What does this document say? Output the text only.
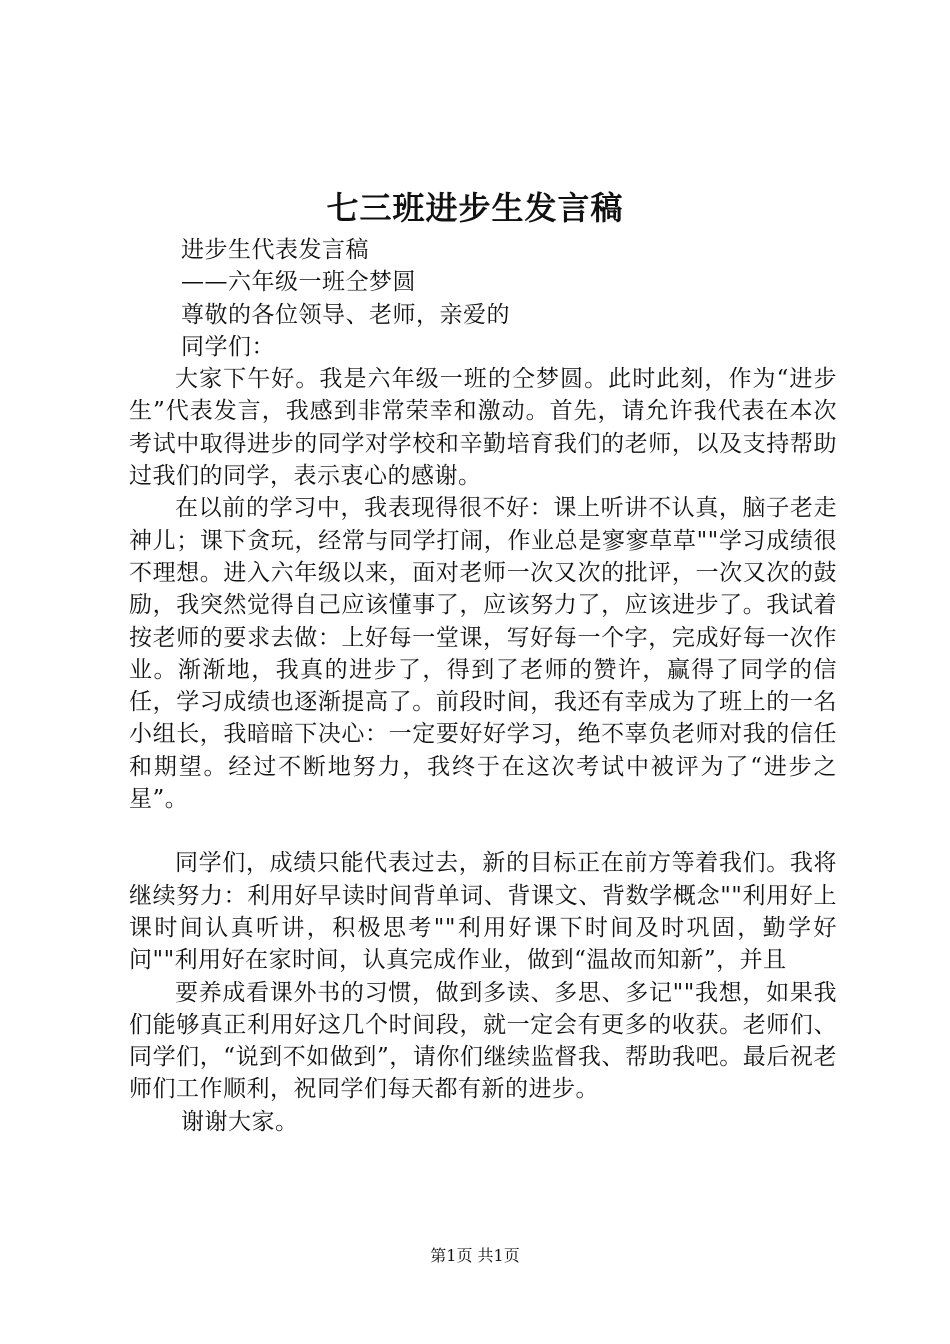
七三班进步生发言稿

进步生代表发言稿

——六年级一班仝梦圆

尊敬的各位领导、老师，亲爱的

同学们：

大家下午好。我是六年级一班的仝梦圆。此时此刻，作为“进步生”代表发言，我感到非常荣幸和激动。首先，请允许我代表在本次考试中取得进步的同学对学校和辛勤培育我们的老师，以及支持帮助过我们的同学，表示衷心的感谢。

在以前的学习中，我表现得很不好：课上听讲不认真，脑子老走神儿；课下贪玩，经常与同学打闹，作业总是寥寥草草""学习成绩很不理想。进入六年级以来，面对老师一次又次的批评，一次又次的鼓励，我突然觉得自己应该懂事了，应该努力了，应该进步了。我试着按老师的要求去做：上好每一堂课，写好每一个字，完成好每一次作业。渐渐地，我真的进步了，得到了老师的赞许，赢得了同学的信任，学习成绩也逐渐提高了。前段时间，我还有幸成为了班上的一名小组长，我暗暗下决心：一定要好好学习，绝不辜负老师对我的信任和期望。经过不断地努力，我终于在这次考试中被评为了“进步之星”。

同学们，成绩只能代表过去，新的目标正在前方等着我们。我将继续努力：利用好早读时间背单词、背课文、背数学概念""利用好上课时间认真听讲，积极思考""利用好课下时间及时巩固，勤学好问""利用好在家时间，认真完成作业，做到“温故而知新”，并且

要养成看课外书的习惯，做到多读、多思、多记""我想，如果我们能够真正利用好这几个时间段，就一定会有更多的收获。老师们、同学们，“说到不如做到”，请你们继续监督我、帮助我吧。最后祝老师们工作顺利，祝同学们每天都有新的进步。

谢谢大家。

第1页 共1页
